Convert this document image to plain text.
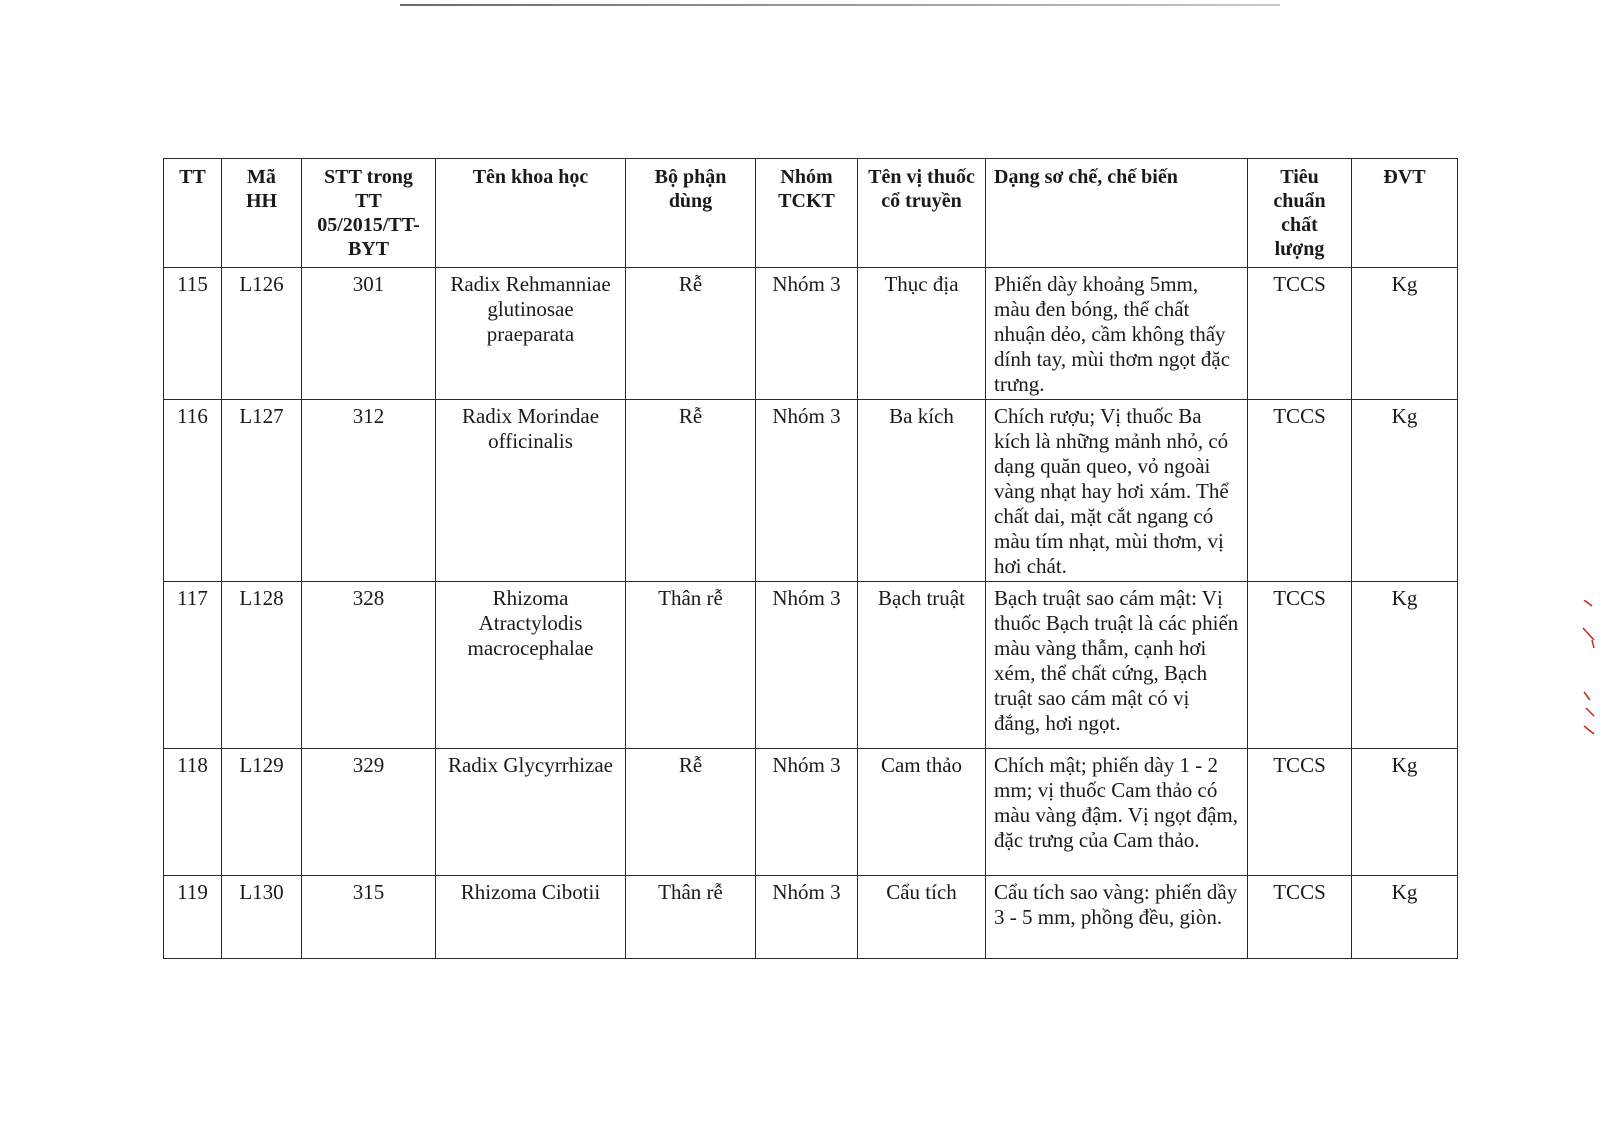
TT	Mã HH	STT trong TT 05/2015/TT-BYT	Tên khoa học	Bộ phận dùng	Nhóm TCKT	Tên vị thuốc cổ truyền	Dạng sơ chế, chế biến	Tiêu chuẩn chất lượng	ĐVT
115	L126	301	Radix Rehmanniae glutinosae praeparata	Rễ	Nhóm 3	Thục địa	Phiến dày khoảng 5mm, màu đen bóng, thể chất nhuận dẻo, cầm không thấy dính tay, mùi thơm ngọt đặc trưng.	TCCS	Kg
116	L127	312	Radix Morindae officinalis	Rễ	Nhóm 3	Ba kích	Chích rượu; Vị thuốc Ba kích là những mảnh nhỏ, có dạng quăn queo, vỏ ngoài vàng nhạt hay hơi xám. Thể chất dai, mặt cắt ngang có màu tím nhạt, mùi thơm, vị hơi chát.	TCCS	Kg
117	L128	328	Rhizoma Atractylodis macrocephalae	Thân rễ	Nhóm 3	Bạch truật	Bạch truật sao cám mật: Vị thuốc Bạch truật là các phiến màu vàng thẫm, cạnh hơi xém, thể chất cứng, Bạch truật sao cám mật có vị đắng, hơi ngọt.	TCCS	Kg
118	L129	329	Radix Glycyrrhizae	Rễ	Nhóm 3	Cam thảo	Chích mật; phiến dày 1 - 2 mm; vị thuốc Cam thảo có màu vàng đậm. Vị ngọt đậm, đặc trưng của Cam thảo.	TCCS	Kg
119	L130	315	Rhizoma Cibotii	Thân rễ	Nhóm 3	Cẩu tích	Cẩu tích sao vàng: phiến dầy 3 - 5 mm, phồng đều, giòn.	TCCS	Kg
